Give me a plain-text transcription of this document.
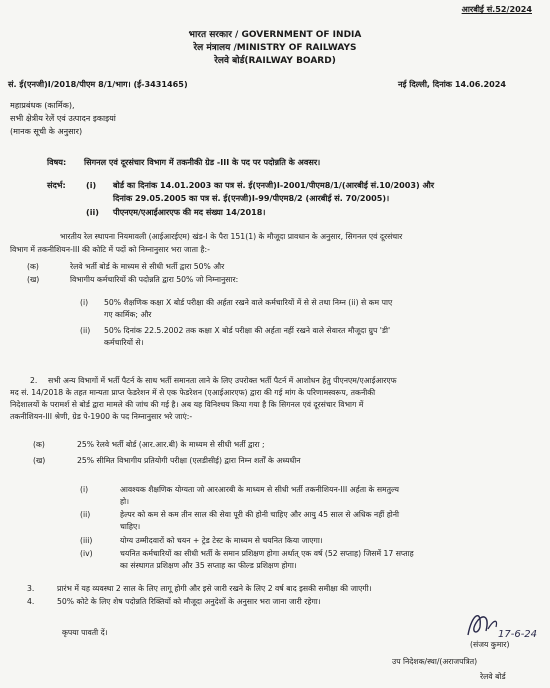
आरबीई सं.52/2024
भारत सरकार / GOVERNMENT OF INDIA
रेल मंत्रालय /MINISTRY OF RAILWAYS
रेलवे बोर्ड(RAILWAY BOARD)
सं. ई(एनजी)I/2018/पीएम 8/1/भाग। (ई-3431465)	नई दिल्ली, दिनांक 14.06.2024
महाप्रबंधक (कार्मिक),
सभी क्षेत्रीय रेलें एवं उत्पादन इकाइयां
(मानक सूची के अनुसार)
विषय: सिगनल एवं दूरसंचार विभाग में तकनीकी ग्रेड -III के पद पर पदोन्नति के अवसर।
संदर्भ:	(i) बोर्ड का दिनांक 14.01.2003 का पत्र सं. ई(एनजी)I-2001/पीएम8/1/(आरबीई सं.10/2003) और
दिनांक 29.05.2005 का पत्र सं. ई(एनजी)I-99/पीएम8/2 (आरबीई सं. 70/2005)।
(ii) पीएनएम/एआईआरएफ की मद संख्या 14/2018।
भारतीय रेल स्थापना नियमावली (आईआरईएम) खंड-I के पैरा 151(1) के मौजूदा प्रावधान के अनुसार, सिगनल एवं दूरसंचार
विभाग में तकनीशियन-III की कोटि में पदों को निम्नानुसार भरा जाता है:-
(क)	रेलवे भर्ती बोर्ड के माध्यम से सीधी भर्ती द्वारा 50% और
(ख)	विभागीय कर्मचारियों की पदोन्नति द्वारा 50% जो निम्नानुसार:
(i) 50% शैक्षणिक कक्षा X बोर्ड परीक्षा की अर्हता रखने वाले कर्मचारियों में से से तथा निम्न (ii) से कम पाए
गए कार्मिक; और
(ii) 50% दिनांक 22.5.2002 तक कक्षा X बोर्ड परीक्षा की अर्हता नहीं रखने वाले सेवारत मौजूदा ग्रुप 'डी'
कर्मचारियों से।
2. सभी अन्य विभागों में भर्ती पैटर्न के साथ भर्ती समानता लाने के लिए उपरोक्त भर्ती पैटर्न में आशोधन हेतु पीएनएम/एआईआरएफ
मद सं. 14/2018 के तहत मान्यता प्राप्त फेडरेशन में से एक फेडरेशन (एआईआरएफ) द्वारा की गई मांग के परिणामस्वरूप, तकनीकी
निदेशालयों के परामर्श से बोर्ड द्वारा मामले की जांच की गई है। अब यह विनिश्चय किया गया है कि सिगनल एवं दूरसंचार विभाग में
तकनीशियन-III श्रेणी, ग्रेड पे-1900 के पद निम्नानुसार भरे जाएं:-
(क)	25% रेलवे भर्ती बोर्ड (आर.आर.बी) के माध्यम से सीधी भर्ती द्वारा ;
(ख)	25% सीमित विभागीय प्रतियोगी परीक्षा (एलडीसीई) द्वारा निम्न शर्तों के अध्यधीन
(i)	आवश्यक शैक्षणिक योग्यता जो आरआरबी के माध्यम से सीधी भर्ती तकनीशियन-III अर्हता के समतुल्य
हो।
(ii)	हेल्पर को कम से कम तीन साल की सेवा पूरी की होनी चाहिए और आयु 45 साल से अधिक नहीं होनी
चाहिए।
(iii)	योग्य उम्मीदवारों को चयन + ट्रेड टेस्ट के माध्यम से चयनित किया जाएगा।
(iv)	चयनित कर्मचारियों का सीधी भर्ती के समान प्रशिक्षण होगा अर्थात् एक वर्ष (52 सप्ताह) जिसमें 17 सप्ताह
का संस्थागत प्रशिक्षण और 35 सप्ताह का फील्ड प्रशिक्षण होगा।
3.	प्रारंभ में यह व्यवस्था 2 साल के लिए लागू होगी और इसे जारी रखने के लिए 2 वर्ष बाद इसकी समीक्षा की जाएगी।
4.	50% कोटे के लिए शेष पदोन्नति रिक्तियों को मौजूदा अनुदेशों के अनुसार भरा जाना जारी रहेगा।
कृपया पावती दें।	17-6-24
(संजय कुमार)
उप निदेशक/स्था/(अराजपत्रित)
रेलवे बोर्ड
